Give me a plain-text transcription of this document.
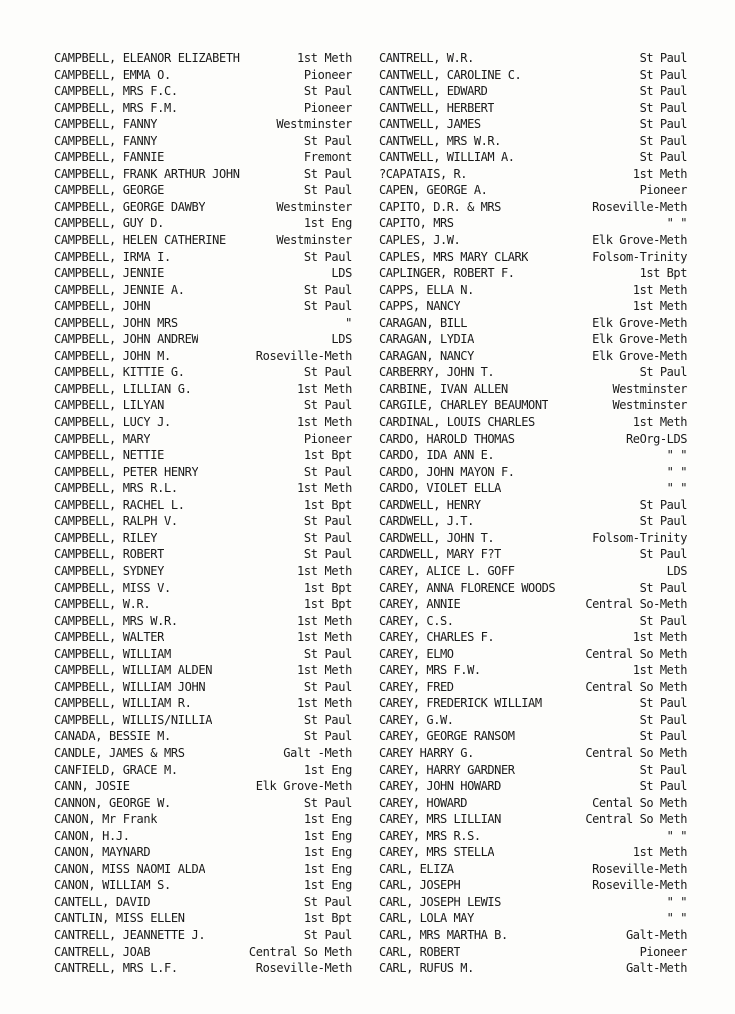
CAMPBELL, ELEANOR ELIZABETH	1st Meth
CAMPBELL, EMMA O.	Pioneer
CAMPBELL, MRS F.C.	St Paul
CAMPBELL, MRS F.M.	Pioneer
CAMPBELL, FANNY	Westminster
CAMPBELL, FANNY	St Paul
CAMPBELL, FANNIE	Fremont
CAMPBELL, FRANK ARTHUR JOHN	St Paul
CAMPBELL, GEORGE	St Paul
CAMPBELL, GEORGE DAWBY	Westminster
CAMPBELL, GUY D.	1st Eng
CAMPBELL, HELEN CATHERINE	Westminster
CAMPBELL, IRMA I.	St Paul
CAMPBELL, JENNIE	LDS
CAMPBELL, JENNIE A.	St Paul
CAMPBELL, JOHN	St Paul
CAMPBELL, JOHN MRS	"
CAMPBELL, JOHN ANDREW	LDS
CAMPBELL, JOHN M.	Roseville-Meth
CAMPBELL, KITTIE G.	St Paul
CAMPBELL, LILLIAN G.	1st Meth
CAMPBELL, LILYAN	St Paul
CAMPBELL, LUCY J.	1st Meth
CAMPBELL, MARY	Pioneer
CAMPBELL, NETTIE	1st Bpt
CAMPBELL, PETER HENRY	St Paul
CAMPBELL, MRS R.L.	1st Meth
CAMPBELL, RACHEL L.	1st Bpt
CAMPBELL, RALPH V.	St Paul
CAMPBELL, RILEY	St Paul
CAMPBELL, ROBERT	St Paul
CAMPBELL, SYDNEY	1st Meth
CAMPBELL, MISS V.	1st Bpt
CAMPBELL, W.R.	1st Bpt
CAMPBELL, MRS W.R.	1st Meth
CAMPBELL, WALTER	1st Meth
CAMPBELL, WILLIAM	St Paul
CAMPBELL, WILLIAM ALDEN	1st Meth
CAMPBELL, WILLIAM JOHN	St Paul
CAMPBELL, WILLIAM R.	1st Meth
CAMPBELL, WILLIS/NILLIA	St Paul
CANADA, BESSIE M.	St Paul
CANDLE, JAMES & MRS	Galt -Meth
CANFIELD, GRACE M.	1st Eng
CANN, JOSIE	Elk Grove-Meth
CANNON, GEORGE W.	St Paul
CANON, Mr Frank	1st Eng
CANON, H.J.	1st Eng
CANON, MAYNARD	1st Eng
CANON, MISS NAOMI ALDA	1st Eng
CANON, WILLIAM S.	1st Eng
CANTELL, DAVID	St Paul
CANTLIN, MISS ELLEN	1st Bpt
CANTRELL, JEANNETTE J.	St Paul
CANTRELL, JOAB	Central So Meth
CANTRELL, MRS L.F.	Roseville-Meth
CANTRELL, W.R.	St Paul
CANTWELL, CAROLINE C.	St Paul
CANTWELL, EDWARD	St Paul
CANTWELL, HERBERT	St Paul
CANTWELL, JAMES	St Paul
CANTWELL, MRS W.R.	St Paul
CANTWELL, WILLIAM A.	St Paul
?CAPATAIS, R.	1st Meth
CAPEN, GEORGE A.	Pioneer
CAPITO, D.R. & MRS	Roseville-Meth
CAPITO, MRS	" "
CAPLES, J.W.	Elk Grove-Meth
CAPLES, MRS MARY CLARK	Folsom-Trinity
CAPLINGER, ROBERT F.	1st Bpt
CAPPS, ELLA N.	1st Meth
CAPPS, NANCY	1st Meth
CARAGAN, BILL	Elk Grove-Meth
CARAGAN, LYDIA	Elk Grove-Meth
CARAGAN, NANCY	Elk Grove-Meth
CARBERRY, JOHN T.	St Paul
CARBINE, IVAN ALLEN	Westminster
CARGILE, CHARLEY BEAUMONT	Westminster
CARDINAL, LOUIS CHARLES	1st Meth
CARDO, HAROLD THOMAS	ReOrg-LDS
CARDO, IDA ANN E.	" "
CARDO, JOHN MAYON F.	" "
CARDO, VIOLET ELLA	" "
CARDWELL, HENRY	St Paul
CARDWELL, J.T.	St Paul
CARDWELL, JOHN T.	Folsom-Trinity
CARDWELL, MARY F?T	St Paul
CAREY, ALICE L. GOFF	LDS
CAREY, ANNA FLORENCE WOODS	St Paul
CAREY, ANNIE	Central So-Meth
CAREY, C.S.	St Paul
CAREY, CHARLES F.	1st Meth
CAREY, ELMO	Central So Meth
CAREY, MRS F.W.	1st Meth
CAREY, FRED	Central So Meth
CAREY, FREDERICK WILLIAM	St Paul
CAREY, G.W.	St Paul
CAREY, GEORGE RANSOM	St Paul
CAREY HARRY G.	Central So Meth
CAREY, HARRY GARDNER	St Paul
CAREY, JOHN HOWARD	St Paul
CAREY, HOWARD	Cental So Meth
CAREY, MRS LILLIAN	Central So Meth
CAREY, MRS R.S.	" "
CAREY, MRS STELLA	1st Meth
CARL, ELIZA	Roseville-Meth
CARL, JOSEPH	Roseville-Meth
CARL, JOSEPH LEWIS	" "
CARL, LOLA MAY	" "
CARL, MRS MARTHA B.	Galt-Meth
CARL, ROBERT	Pioneer
CARL, RUFUS M.	Galt-Meth
